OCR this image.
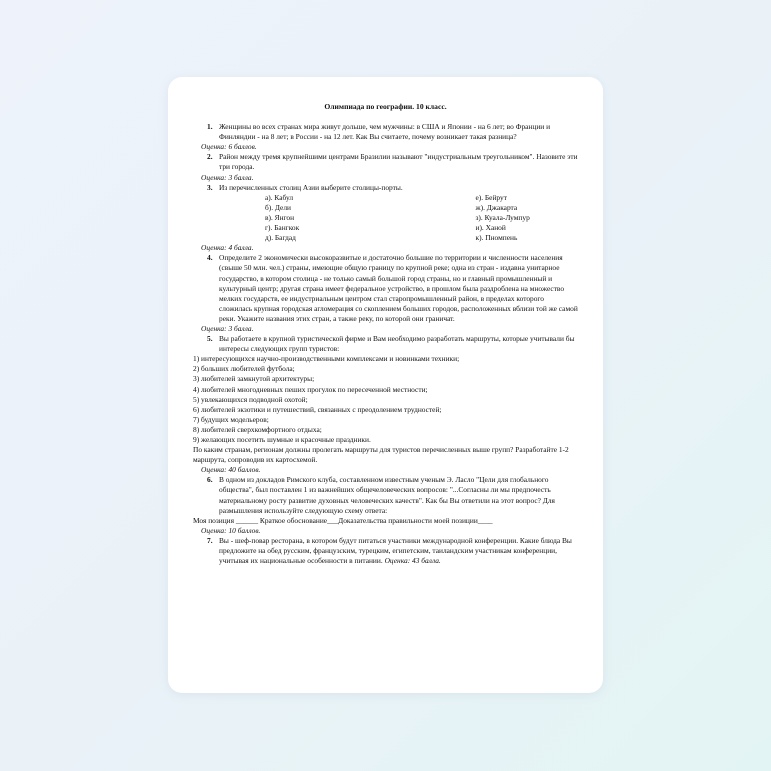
Олимпиада по географии. 10 класс.
1. Женщины во всех странах мира живут дольше, чем мужчины: в США и Японии - на 6 лет; во Франции и Финляндии - на 8 лет; в России - на 12 лет. Как Вы считаете, почему возникает такая разница?
Оценка: 6 баллов.
2. Район между тремя крупнейшими центрами Бразилии называют "индустриальным треугольником". Назовите эти три города.
Оценка: 3 балла.
3. Из перечисленных столиц Азии выберите столицы-порты.
а). Кабул
б). Дели
в). Янгон
г). Бангкок
д). Багдад
е). Бейрут
ж). Джакарта
з). Куала-Лумпур
и). Ханой
к). Пномпень
Оценка: 4 балла.
4. Определите 2 экономически высокоразвитые и достаточно большие по территории и численности населения (свыше 50 млн. чел.) страны, имеющие общую границу по крупной реке; одна из стран - издавна унитарное государство, в котором столица - не только самый большой город страны, но и главный промышленный и культурный центр; другая страна имеет федеральное устройство, в прошлом была раздроблена на множество мелких государств, ее индустриальным центром стал старопромышленный район, в пределах которого сложилась крупная городская агломерация со скоплением больших городов, расположенных вблизи той же самой реки. Укажите названия этих стран, а также реку, по которой они граничат.
Оценка: 3 балла.
5. Вы работаете в крупной туристической фирме и Вам необходимо разработать маршруты, которые учитывали бы интересы следующих групп туристов:
1) интересующихся научно-производственными комплексами и новинками техники;
2) больших любителей футбола;
3) любителей замкнутой архитектуры;
4) любителей многодневных пеших прогулок по пересеченной местности;
5) увлекающихся подводной охотой;
6) любителей экзотики и путешествий, связанных с преодолением трудностей;
7) будущих модельеров;
8) любителей сверхкомфортного отдыха;
9) желающих посетить шумные и красочные праздники.
По каким странам, регионам должны пролегать маршруты для туристов перечисленных выше групп? Разработайте 1-2 маршрута, сопроводив их картосхемой.
Оценка: 40 баллов.
6. В одном из докладов Римского клуба, составленном известным ученым Э. Ласло "Цели для глобального общества", был поставлен 1 из важнейших общечеловеческих вопросов: "...Согласны ли мы предпочесть материальному росту развитие духовных человеческих качеств". Как бы Вы ответили на этот вопрос? Для размышления используйте следующую схему ответа:
Моя позиция ______ Краткое обоснование___Доказательства правильности моей позиции____
Оценка: 10 баллов.
7. Вы - шеф-повар ресторана, в котором будут питаться участники международной конференции. Какие блюда Вы предложите на обед русским, французским, турецким, египетским, таиландским участникам конференции, учитывая их национальные особенности в питании. Оценка: 43 балла.
